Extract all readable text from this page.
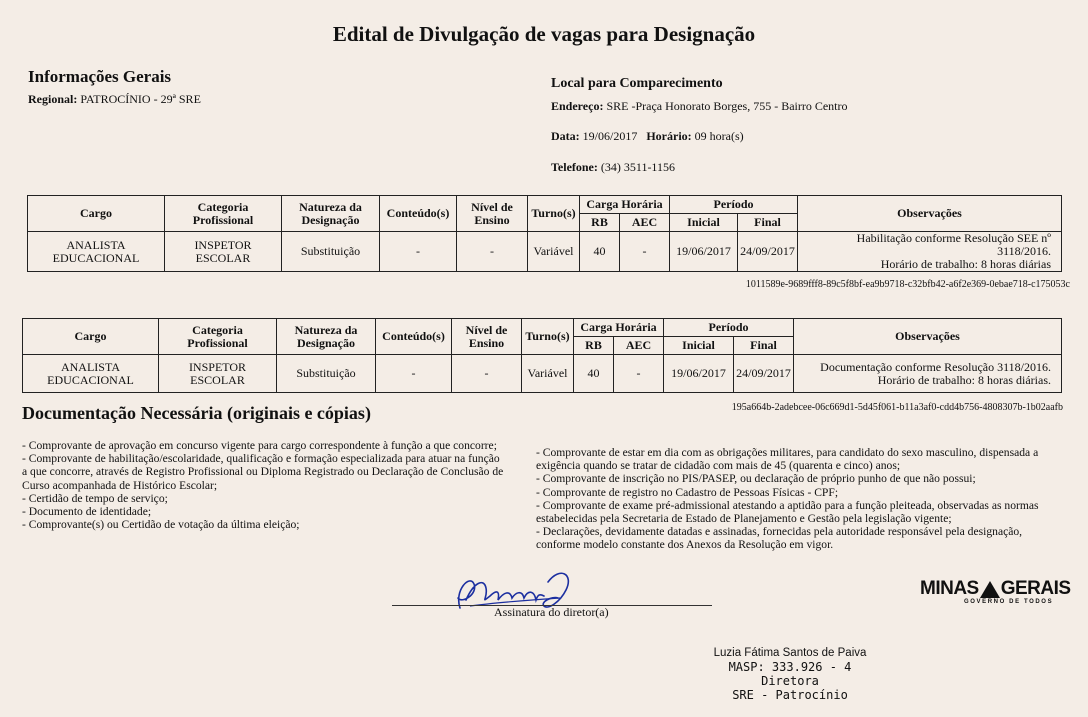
Edital de Divulgação de vagas para Designação
Informações Gerais
Regional: PATROCÍNIO - 29ª SRE
Local para Comparecimento
Endereço: SRE -Praça Honorato Borges, 755 - Bairro Centro
Data: 19/06/2017 Horário: 09 hora(s)
Telefone: (34) 3511-1156
Cargo	Categoria Profissional	Natureza da Designação	Conteúdo(s)	Nível de Ensino	Turno(s)	Carga Horária		Período		Observações
						RB	AEC	Inicial	Final	
ANALISTA EDUCACIONAL	INSPETOR ESCOLAR	Substituição	-	-	Variável	40	-	19/06/2017	24/09/2017	Habilitação conforme Resolução SEE nº 3118/2016.
Horário de trabalho: 8 horas diárias
1011589e-9689fff8-89c5f8bf-ea9b9718-c32bfb42-a6f2e369-0ebae718-c175053c
Cargo	Categoria Profissional	Natureza da Designação	Conteúdo(s)	Nível de Ensino	Turno(s)	Carga Horária		Período		Observações
						RB	AEC	Inicial	Final	
ANALISTA EDUCACIONAL	INSPETOR ESCOLAR	Substituição	-	-	Variável	40	-	19/06/2017	24/09/2017	Documentação conforme Resolução 3118/2016.
Horário de trabalho: 8 horas diárias.
195a664b-2adebcee-06c669d1-5d45f061-b11a3af0-cdd4b756-4808307b-1b02aafb
Documentação Necessária (originais e cópias)
- Comprovante de aprovação em concurso vigente para cargo correspondente à função a que concorre;
- Comprovante de habilitação/escolaridade, qualificação e formação especializada para atuar na função
a que concorre, através de Registro Profissional ou Diploma Registrado ou Declaração de Conclusão de
Curso acompanhada de Histórico Escolar;
- Certidão de tempo de serviço;
- Documento de identidade;
- Comprovante(s) ou Certidão de votação da última eleição;
- Comprovante de estar em dia com as obrigações militares, para candidato do sexo masculino, dispensada a
exigência quando se tratar de cidadão com mais de 45 (quarenta e cinco) anos;
- Comprovante de inscrição no PIS/PASEP, ou declaração de próprio punho de que não possui;
- Comprovante de registro no Cadastro de Pessoas Físicas - CPF;
- Comprovante de exame pré-admissional atestando a aptidão para a função pleiteada, observadas as normas
estabelecidas pela Secretaria de Estado de Planejamento e Gestão pela legislação vigente;
- Declarações, devidamente datadas e assinadas, fornecidas pela autoridade responsável pela designação,
conforme modelo constante dos Anexos da Resolução em vigor.
Assinatura do diretor(a)
MINAS GERAIS
GOVERNO DE TODOS
Luzia Fátima Santos de Paiva
MASP: 333.926 - 4
Diretora
SRE - Patrocínio
